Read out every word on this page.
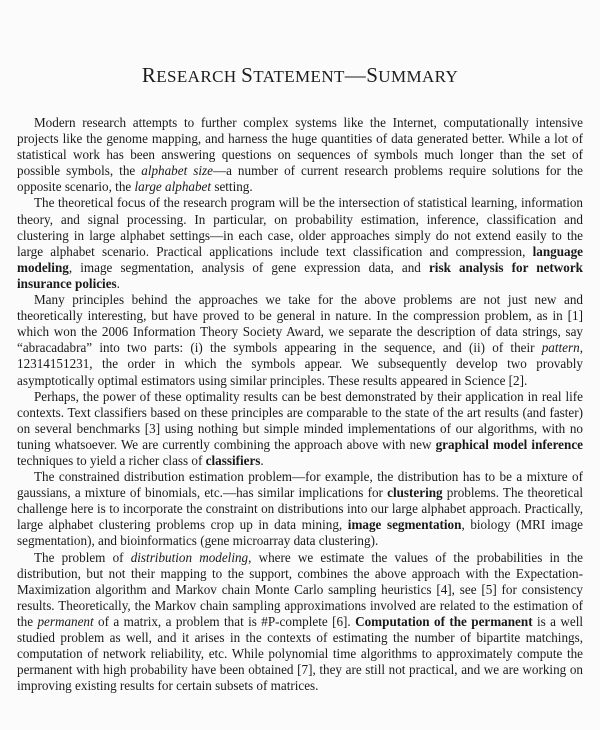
RESEARCH STATEMENT—SUMMARY

Modern research attempts to further complex systems like the Internet, computationally intensive projects like the genome mapping, and harness the huge quantities of data generated better. While a lot of statistical work has been answering questions on sequences of symbols much longer than the set of possible symbols, the alphabet size—a number of current research problems require solutions for the opposite scenario, the large alphabet setting.

The theoretical focus of the research program will be the intersection of statistical learning, information theory, and signal processing. In particular, on probability estimation, inference, classification and clustering in large alphabet settings—in each case, older approaches simply do not extend easily to the large alphabet scenario. Practical applications include text classification and compression, language modeling, image segmentation, analysis of gene expression data, and risk analysis for network insurance policies.

Many principles behind the approaches we take for the above problems are not just new and theoretically interesting, but have proved to be general in nature. In the compression problem, as in [1] which won the 2006 Information Theory Society Award, we separate the description of data strings, say “abracadabra” into two parts: (i) the symbols appearing in the sequence, and (ii) of their pattern, 12314151231, the order in which the symbols appear. We subsequently develop two provably asymptotically optimal estimators using similar principles. These results appeared in Science [2].

Perhaps, the power of these optimality results can be best demonstrated by their application in real life contexts. Text classifiers based on these principles are comparable to the state of the art results (and faster) on several benchmarks [3] using nothing but simple minded implementations of our algorithms, with no tuning whatsoever. We are currently combining the approach above with new graphical model inference techniques to yield a richer class of classifiers.

The constrained distribution estimation problem—for example, the distribution has to be a mixture of gaussians, a mixture of binomials, etc.—has similar implications for clustering problems. The theoretical challenge here is to incorporate the constraint on distributions into our large alphabet approach. Practically, large alphabet clustering problems crop up in data mining, image segmentation, biology (MRI image segmentation), and bioinformatics (gene microarray data clustering).

The problem of distribution modeling, where we estimate the values of the probabilities in the distribution, but not their mapping to the support, combines the above approach with the Expectation-Maximization algorithm and Markov chain Monte Carlo sampling heuristics [4], see [5] for consistency results. Theoretically, the Markov chain sampling approximations involved are related to the estimation of the permanent of a matrix, a problem that is #P-complete [6]. Computation of the permanent is a well studied problem as well, and it arises in the contexts of estimating the number of bipartite matchings, computation of network reliability, etc. While polynomial time algorithms to approximately compute the permanent with high probability have been obtained [7], they are still not practical, and we are working on improving existing results for certain subsets of matrices.
